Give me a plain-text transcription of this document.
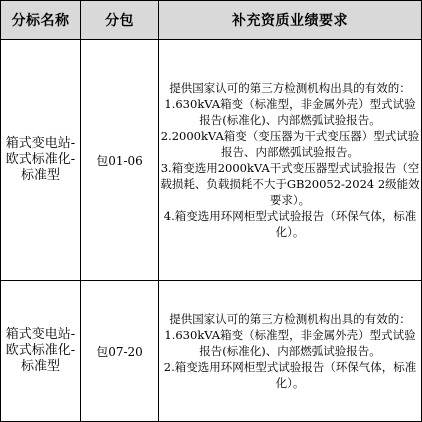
分标名称	分包	补充资质业绩要求
箱式变电站-欧式标准化-标准型	包01-06	提供国家认可的第三方检测机构出具的有效的：
1.630kVA箱变（标准型，非金属外壳）型式试验报告(标准化)、内部燃弧试验报告。
2.2000kVA箱变（变压器为干式变压器）型式试验报告、内部燃弧试验报告。
3.箱变选用2000kVA干式变压器型式试验报告（空载损耗、负载损耗不大于GB20052-2024 2级能效要求）。
4.箱变选用环网柜型式试验报告（环保气体，标准化）。

箱式变电站-欧式标准化-标准型	包07-20	提供国家认可的第三方检测机构出具的有效的：
1.630kVA箱变（标准型，非金属外壳）型式试验报告(标准化)、内部燃弧试验报告。
2.箱变选用环网柜型式试验报告（环保气体，标准化）。
